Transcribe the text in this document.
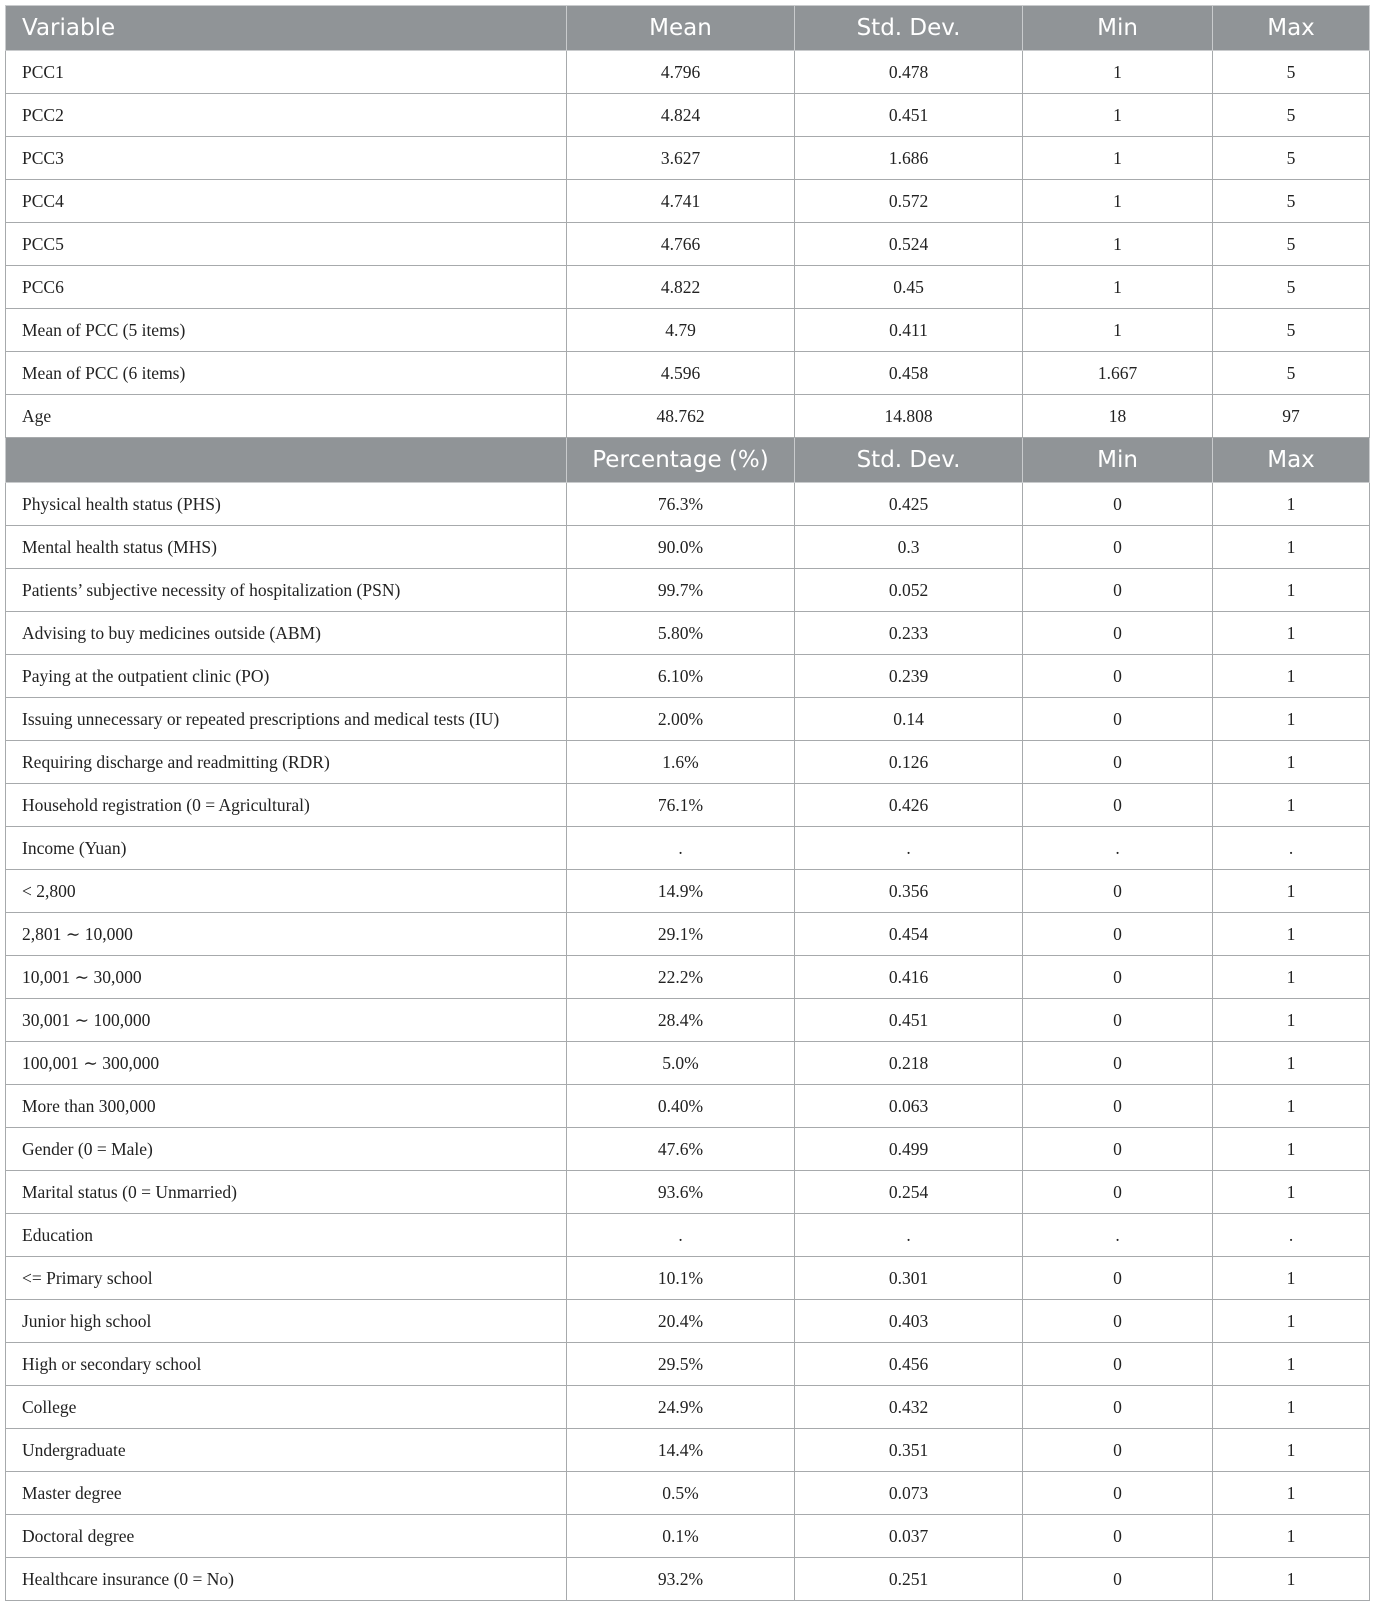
Variable	Mean	Std. Dev.	Min	Max
PCC1	4.796	0.478	1	5
PCC2	4.824	0.451	1	5
PCC3	3.627	1.686	1	5
PCC4	4.741	0.572	1	5
PCC5	4.766	0.524	1	5
PCC6	4.822	0.45	1	5
Mean of PCC (5 items)	4.79	0.411	1	5
Mean of PCC (6 items)	4.596	0.458	1.667	5
Age	48.762	14.808	18	97
	Percentage (%)	Std. Dev.	Min	Max
Physical health status (PHS)	76.3%	0.425	0	1
Mental health status (MHS)	90.0%	0.3	0	1
Patients’ subjective necessity of hospitalization (PSN)	99.7%	0.052	0	1
Advising to buy medicines outside (ABM)	5.80%	0.233	0	1
Paying at the outpatient clinic (PO)	6.10%	0.239	0	1
Issuing unnecessary or repeated prescriptions and medical tests (IU)	2.00%	0.14	0	1
Requiring discharge and readmitting (RDR)	1.6%	0.126	0	1
Household registration (0 = Agricultural)	76.1%	0.426	0	1
Income (Yuan)	.	.	.	.
< 2,800	14.9%	0.356	0	1
2,801 ∼ 10,000	29.1%	0.454	0	1
10,001 ∼ 30,000	22.2%	0.416	0	1
30,001 ∼ 100,000	28.4%	0.451	0	1
100,001 ∼ 300,000	5.0%	0.218	0	1
More than 300,000	0.40%	0.063	0	1
Gender (0 = Male)	47.6%	0.499	0	1
Marital status (0 = Unmarried)	93.6%	0.254	0	1
Education	.	.	.	.
<= Primary school	10.1%	0.301	0	1
Junior high school	20.4%	0.403	0	1
High or secondary school	29.5%	0.456	0	1
College	24.9%	0.432	0	1
Undergraduate	14.4%	0.351	0	1
Master degree	0.5%	0.073	0	1
Doctoral degree	0.1%	0.037	0	1
Healthcare insurance (0 = No)	93.2%	0.251	0	1
